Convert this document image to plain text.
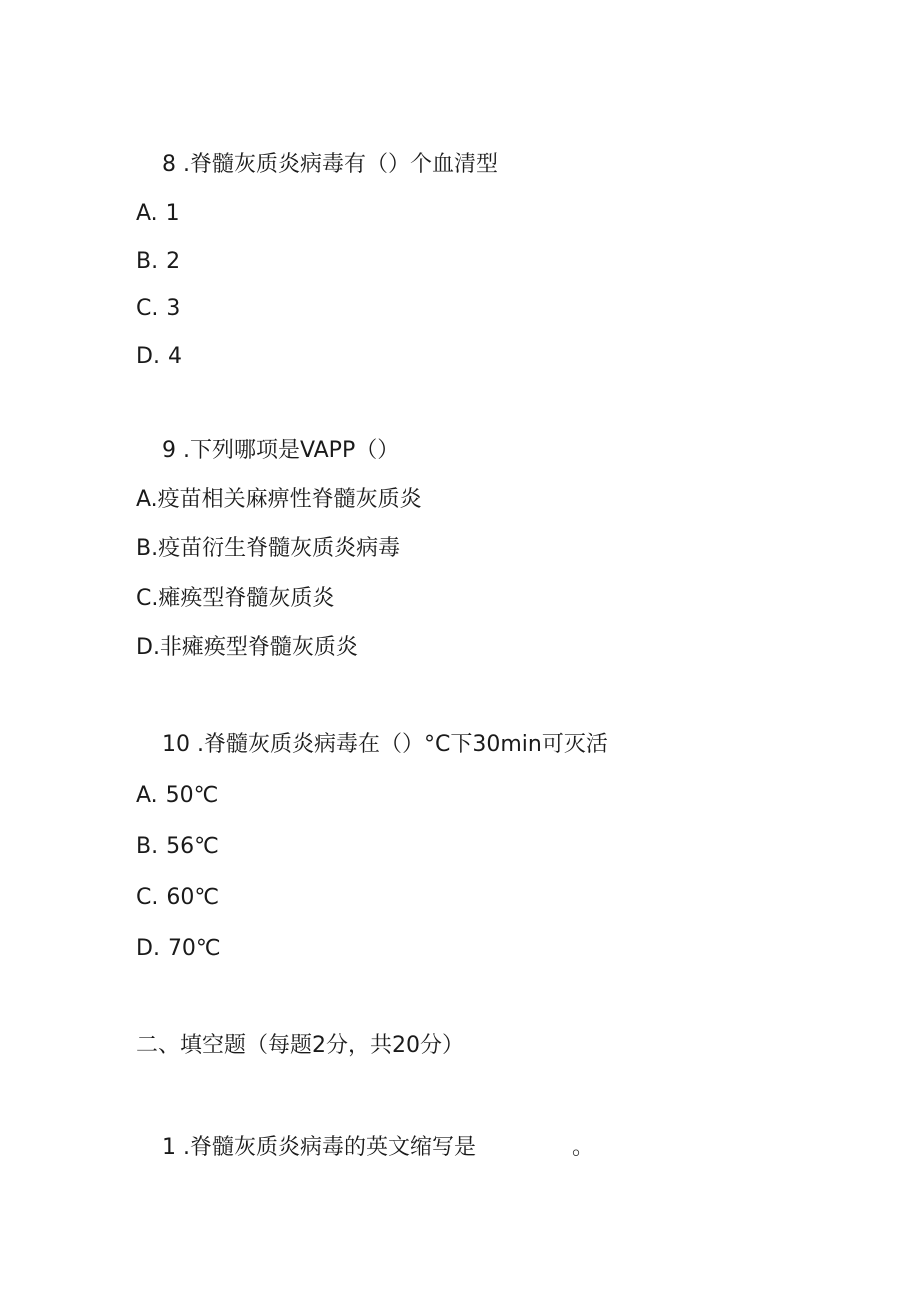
8 .脊髓灰质炎病毒有（）个血清型
A. 1
B. 2
C. 3
D. 4
9 .下列哪项是VAPP（）
A.疫苗相关麻痹性脊髓灰质炎
B.疫苗衍生脊髓灰质炎病毒
C.瘫痪型脊髓灰质炎
D.非瘫痪型脊髓灰质炎
10 .脊髓灰质炎病毒在（）°C下30min可灭活
A. 50℃
B. 56℃
C. 60℃
D. 70℃
二、填空题（每题2分，共20分）
1 .脊髓灰质炎病毒的英文缩写是	。
